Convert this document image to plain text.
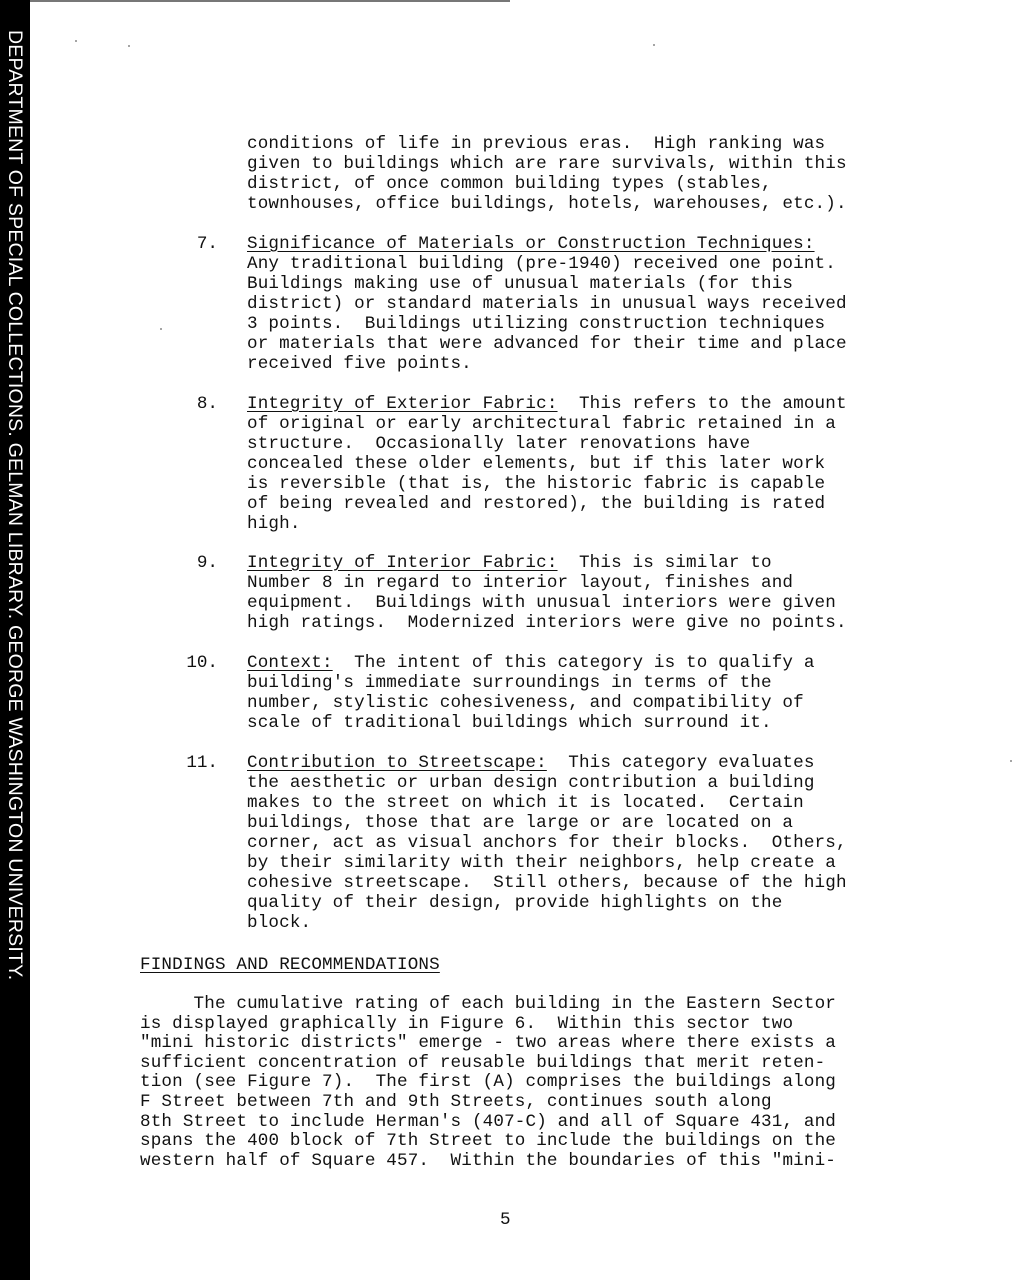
DEPARTMENT OF SPECIAL COLLECTIONS. GELMAN LIBRARY. GEORGE WASHINGTON UNIVERSITY.	conditions of life in previous eras.  High ranking was
given to buildings which are rare survivals, within this
district, of once common building types (stables,
townhouses, office buildings, hotels, warehouses, etc.).
7. Significance of Materials or Construction Techniques:
Any traditional building (pre-1940) received one point.
Buildings making use of unusual materials (for this
district) or standard materials in unusual ways received
3 points.  Buildings utilizing construction techniques
or materials that were advanced for their time and place
received five points.
8. Integrity of Exterior Fabric:  This refers to the amount
of original or early architectural fabric retained in a
structure.  Occasionally later renovations have
concealed these older elements, but if this later work
is reversible (that is, the historic fabric is capable
of being revealed and restored), the building is rated
high.
9. Integrity of Interior Fabric:  This is similar to
Number 8 in regard to interior layout, finishes and
equipment.  Buildings with unusual interiors were given
high ratings.  Modernized interiors were give no points.
10. Context:  The intent of this category is to qualify a
building's immediate surroundings in terms of the
number, stylistic cohesiveness, and compatibility of
scale of traditional buildings which surround it.
11. Contribution to Streetscape:  This category evaluates
the aesthetic or urban design contribution a building
makes to the street on which it is located.  Certain
buildings, those that are large or are located on a
corner, act as visual anchors for their blocks.  Others,
by their similarity with their neighbors, help create a
cohesive streetscape.  Still others, because of the high
quality of their design, provide highlights on the
block.
FINDINGS AND RECOMMENDATIONS
The cumulative rating of each building in the Eastern Sector
is displayed graphically in Figure 6.  Within this sector two
"mini historic districts" emerge - two areas where there exists a
sufficient concentration of reusable buildings that merit reten-
tion (see Figure 7).  The first (A) comprises the buildings along
F Street between 7th and 9th Streets, continues south along
8th Street to include Herman's (407-C) and all of Square 431, and
spans the 400 block of 7th Street to include the buildings on the
western half of Square 457.  Within the boundaries of this "mini-
5
